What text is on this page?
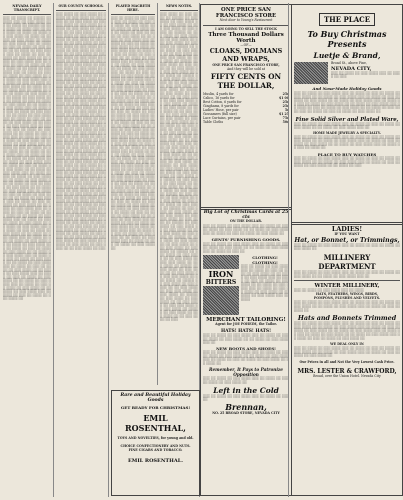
NEVADA DAILY TRANSCRIPT.
░░░ ░░ ░░░░ ░░ ░░░░░ ░░ ░░░░ ░░░ ░░ ░░░ ░░░░ ░░░ ░░ ░░░░ ░░ ░░░░░ ░░ ░░░ ░░░░ ░░ ░░░░ ░░░ ░░ ░░░ ░░░░ ░░ ░░░░ ░░ ░░░░ ░░ ░░░ ░░░░ ░░ ░░░░ ░░ ░░░░░ ░░ ░░░ ░░░░ ░░ ░░░░ ░░ ░░░ ░░░░ ░░░ ░░ ░░░░ ░░ ░░░ ░░ ░░░░ ░░ ░░░ ░░░░ ░░ ░░ ░░░░ ░░ ░░░ ░░░░ ░░░ ░░ ░░░░ ░░ ░░░ ░░ ░░░░ ░░ ░░░ ░░░░ ░░ ░░ ░░░░ ░░ ░░░ ░░░░ ░░░ ░░ ░░░░ ░░ ░░░ ░░ ░░░░ ░░ ░░░ ░░░░ ░░ ░░ ░░░░ ░░ ░░░ ░░░░ ░░░ ░░ ░░░░ ░░ ░░░ ░░ ░░░░ ░░ ░░░ ░░░░ ░░ ░░ ░░░░ ░░ ░░░ ░░░░ ░░░ ░░ ░░░░ ░░ ░░░ ░░ ░░░░ ░░ ░░░ ░░░░ ░░ ░░ ░░░░ ░░ ░░░ ░░░░ ░░░ ░░ ░░░░ ░░ ░░░ ░░ ░░░░ ░░ ░░░ ░░░░ ░░ ░░ ░░░░ ░░ ░░░ ░░░░ ░░░ ░░ ░░░░ ░░ ░░░ ░░ ░░░░ ░░ ░░░ ░░░░ ░░ ░░ ░░░░ ░░ ░░░ ░░░░ ░░░ ░░ ░░░░ ░░ ░░░ ░░ ░░░░ ░░ ░░░ ░░░░ ░░ ░░ ░░░░ ░░ ░░░ ░░░░ ░░░ ░░ ░░░░ ░░ ░░░ ░░ ░░░░ ░░ ░░░ ░░░░ ░░ ░░ ░░░░ ░░ ░░░ ░░░░ ░░░ ░░ ░░░░ ░░ ░░░ ░░ ░░░░ ░░ ░░░ ░░░░ ░░ ░░ ░░░░ ░░ ░░░ ░░░░ ░░░ ░░ ░░░░ ░░ ░░░ ░░ ░░░░ ░░ ░░░ ░░░░ ░░ ░░ ░░░░ ░░ ░░░ ░░░░ ░░░ ░░ ░░░░ ░░ ░░░ ░░ ░░░░ ░░ ░░░ ░░░░ ░░ ░░ ░░░░ ░░ ░░░ ░░░░ ░░░ ░░ ░░░░ ░░ ░░░ ░░ ░░░░ ░░ ░░░ ░░░░ ░░ ░░ ░░░░ ░░ ░░░ ░░░░ ░░░ ░░ ░░░░ ░░ ░░░ ░░ ░░░░ ░░ ░░░ ░░░░ ░░ ░░ ░░░░ ░░ ░░░ ░░░░ ░░░ ░░ ░░░░ ░░ ░░░ ░░ ░░░░ ░░ ░░░ ░░░░ ░░ ░░ ░░░░ ░░ ░░░ ░░░░ ░░░ ░░ ░░░░ ░░ ░░░ ░░ ░░░░ ░░ ░░░ ░░░░ ░░ ░░ ░░░░ ░░ ░░░ ░░░░ ░░░ ░░ ░░░░ ░░ ░░░ ░░ ░░░░ ░░ ░░░ ░░░░ ░░ ░░ ░░░░ ░░ ░░░ ░░░░ ░░░ ░░ ░░░░ ░░ ░░░ ░░ ░░░░ ░░ ░░░ ░░░░ ░░ ░░ ░░░░ ░░ ░░░ ░░░░ ░░░ ░░ ░░░░ ░░ ░░░ ░░ ░░░░ ░░ ░░░ ░░░░ ░░ ░░ ░░░░ ░░ ░░░ ░░░░ ░░░ ░░ ░░░░ ░░ ░░░ ░░ ░░░░ ░░ ░░░ ░░░░ ░░ ░░ ░░░░ ░░ ░░░ ░░░░ ░░░ ░░ ░░░░ ░░ ░░░ ░░ ░░░░ ░░ ░░░ ░░░░ ░░ ░░ ░░░░ ░░ ░░░ ░░░░ ░░░ ░░ ░░░░ ░░ ░░░ ░░ ░░░░ ░░ ░░░ ░░░░ ░░ ░░ ░░░░ ░░ ░░░ ░░░░ ░░░ ░░ ░░░░ ░░ ░░░ ░░ ░░░░ ░░ ░░░ ░░░░ ░░ ░░ ░░░░ ░░ ░░░ ░░░░ ░░░ ░░ ░░░░ ░░ ░░░ ░░ ░░░░ ░░ ░░░ ░░░░ ░░ ░░ ░░░░ ░░ ░░░ ░░░░ ░░░ ░░ ░░░░ ░░ ░░░ ░░ ░░░░ ░░ ░░░ ░░░░ ░░ ░░ ░░░░ ░░ ░░░ ░░░░ ░░░ ░░ ░░░░ ░░ ░░░ ░░ ░░░░ ░░ ░░░ ░░░░ ░░ ░░ ░░░░ ░░ ░░░ ░░░░ ░░░ ░░ ░░░░ ░░ ░░░ ░░ ░░░░ ░░ ░░░ ░░░░ ░░ ░░ ░░░░ ░░ ░░░ ░░░░ ░░░ ░░ ░░░░ ░░ ░░░ ░░ ░░░░ ░░ ░░░ ░░░░ ░░
OUR COUNTY SCHOOLS.
░░░ ░░░░ ░░ ░░░ ░░░░ ░░ ░░░░░ ░░ ░░░ ░░░░ ░░ ░░░ ░░░░ ░░ ░░ ░░░ ░░░░ ░░ ░░░ ░░░ ░░░░ ░░ ░░░ ░░░░ ░░ ░░░░░ ░░ ░░░ ░░░░ ░░ ░░░ ░░░░ ░░ ░░ ░░░ ░░░░ ░░ ░░░ ░░░ ░░░░ ░░ ░░░ ░░░░ ░░ ░░░░░ ░░ ░░░ ░░░░ ░░ ░░░ ░░░░ ░░ ░░ ░░░ ░░░░ ░░ ░░░ ░░░ ░░░░ ░░ ░░░ ░░░░ ░░ ░░░░░ ░░ ░░░ ░░░░ ░░ ░░░ ░░░░ ░░ ░░ ░░░ ░░░░ ░░ ░░░ ░░░ ░░░░ ░░ ░░░ ░░░░ ░░ ░░░░░ ░░ ░░░ ░░░░ ░░ ░░░ ░░░░ ░░ ░░ ░░░ ░░░░ ░░ ░░░ ░░░ ░░░░ ░░ ░░░ ░░░░ ░░ ░░░░░ ░░ ░░░ ░░░░ ░░ ░░░ ░░░░ ░░ ░░ ░░░ ░░░░ ░░ ░░░ ░░░ ░░░░ ░░ ░░░ ░░░░ ░░ ░░░░░ ░░ ░░░ ░░░░ ░░ ░░░ ░░░░ ░░ ░░ ░░░ ░░░░ ░░ ░░░ ░░░ ░░░░ ░░ ░░░ ░░░░ ░░ ░░░░░ ░░ ░░░ ░░░░ ░░ ░░░ ░░░░ ░░ ░░ ░░░ ░░░░ ░░ ░░░ ░░░ ░░░░ ░░ ░░░ ░░░░ ░░ ░░░░░ ░░ ░░░ ░░░░ ░░ ░░░ ░░░░ ░░ ░░ ░░░ ░░░░ ░░ ░░░ ░░░ ░░░░ ░░ ░░░ ░░░░ ░░ ░░░░░ ░░ ░░░ ░░░░ ░░ ░░░ ░░░░ ░░ ░░ ░░░ ░░░░ ░░ ░░░ ░░░ ░░░░ ░░ ░░░ ░░░░ ░░ ░░░░░ ░░ ░░░ ░░░░ ░░ ░░░ ░░░░ ░░ ░░ ░░░ ░░░░ ░░ ░░░ ░░░ ░░░░ ░░ ░░░ ░░░░ ░░ ░░░░░ ░░ ░░░ ░░░░ ░░ ░░░ ░░░░ ░░ ░░ ░░░ ░░░░ ░░ ░░░ ░░░ ░░░░ ░░ ░░░ ░░░░ ░░ ░░░░░ ░░ ░░░ ░░░░ ░░ ░░░ ░░░░ ░░ ░░ ░░░ ░░░░ ░░ ░░░ ░░░ ░░░░ ░░ ░░░ ░░░░ ░░ ░░░░░ ░░ ░░░ ░░░░ ░░ ░░░ ░░░░ ░░ ░░ ░░░ ░░░░ ░░ ░░░ ░░░ ░░░░ ░░ ░░░ ░░░░ ░░ ░░░░░ ░░ ░░░ ░░░░ ░░ ░░░ ░░░░ ░░ ░░ ░░░ ░░░░ ░░ ░░░ ░░░ ░░░░ ░░ ░░░ ░░░░ ░░ ░░░░░ ░░ ░░░ ░░░░ ░░ ░░░ ░░░░ ░░ ░░ ░░░ ░░░░ ░░ ░░░ ░░░ ░░░░ ░░ ░░░ ░░░░ ░░ ░░░░░ ░░ ░░░ ░░░░ ░░ ░░░ ░░░░ ░░ ░░ ░░░ ░░░░ ░░ ░░░ ░░░ ░░░░ ░░ ░░░ ░░░░ ░░ ░░░░░ ░░ ░░░ ░░░░ ░░ ░░░ ░░░░ ░░ ░░ ░░░ ░░░░ ░░ ░░░ ░░░ ░░░░ ░░ ░░░ ░░░░ ░░ ░░░░░ ░░ ░░░ ░░░░ ░░ ░░░ ░░░░ ░░ ░░ ░░░ ░░░░ ░░ ░░░ ░░░ ░░░░ ░░ ░░░ ░░░░ ░░ ░░░░░ ░░ ░░░ ░░░░ ░░ ░░░ ░░░░ ░░ ░░ ░░░ ░░░░ ░░ ░░░ ░░░ ░░░░ ░░ ░░░ ░░░░ ░░ ░░░░░ ░░ ░░░ ░░░░ ░░ ░░░ ░░░░ ░░ ░░ ░░░ ░░░░ ░░ ░░░ ░░░ ░░░░ ░░ ░░░ ░░░░ ░░ ░░░░░ ░░ ░░░ ░░░░ ░░ ░░░ ░░░░ ░░ ░░ ░░░ ░░░░ ░░ ░░░
PLAYED MACBETH HERE.
░░░ ░░ ░░░░ ░░ ░░░ ░░░░ ░░░ ░░ ░░░░ ░░ ░░░ ░░ ░░░░ ░░ ░░░ ░░░░ ░░ ░░ ░░░░ ░░ ░░░ ░░░░ ░░░ ░░ ░░░░ ░░ ░░░ ░░ ░░░░ ░░ ░░░ ░░░░ ░░ ░░ ░░░░ ░░ ░░░ ░░░░ ░░░ ░░ ░░░░ ░░ ░░░ ░░ ░░░░ ░░ ░░░ ░░░░ ░░ ░░ ░░░░ ░░ ░░░ ░░░░ ░░░ ░░ ░░░░ ░░ ░░░ ░░ ░░░░ ░░ ░░░ ░░░░ ░░ ░░ ░░░░ ░░ ░░░ ░░░░ ░░░ ░░ ░░░░ ░░ ░░░ ░░ ░░░░ ░░ ░░░ ░░░░ ░░ ░░ ░░░░ ░░ ░░░ ░░░░ ░░░ ░░ ░░░░ ░░ ░░░ ░░ ░░░░ ░░ ░░░ ░░░░ ░░ ░░ ░░░░ ░░ ░░░ ░░░░ ░░░ ░░ ░░░░ ░░ ░░░ ░░ ░░░░ ░░ ░░░ ░░░░ ░░ ░░ ░░░░ ░░ ░░░ ░░░░ ░░░ ░░ ░░░░ ░░ ░░░ ░░ ░░░░ ░░ ░░░ ░░░░ ░░ ░░ ░░░░ ░░ ░░░ ░░░░ ░░░ ░░ ░░░░ ░░ ░░░ ░░ ░░░░ ░░ ░░░ ░░░░ ░░ ░░ ░░░░ ░░ ░░░ ░░░░ ░░░ ░░ ░░░░ ░░ ░░░ ░░ ░░░░ ░░ ░░░ ░░░░ ░░ ░░ ░░░░ ░░ ░░░ ░░░░ ░░░ ░░ ░░░░ ░░ ░░░ ░░ ░░░░ ░░ ░░░ ░░░░ ░░ ░░ ░░░░ ░░ ░░░ ░░░░ ░░░ ░░ ░░░░ ░░ ░░░ ░░ ░░░░ ░░ ░░░ ░░░░ ░░ ░░ ░░░░ ░░ ░░░ ░░░░ ░░░ ░░ ░░░░ ░░ ░░░ ░░ ░░░░ ░░ ░░░ ░░░░ ░░ ░░ ░░░░ ░░ ░░░ ░░░░ ░░░ ░░ ░░░░ ░░ ░░░ ░░ ░░░░ ░░ ░░░ ░░░░ ░░ ░░ ░░░░ ░░ ░░░ ░░░░ ░░░ ░░ ░░░░ ░░ ░░░ ░░ ░░░░ ░░ ░░░ ░░░░ ░░ ░░ ░░░░ ░░ ░░░ ░░░░ ░░░ ░░ ░░░░ ░░ ░░░ ░░ ░░░░ ░░ ░░░ ░░░░ ░░ ░░ ░░░░ ░░ ░░░ ░░░░ ░░░ ░░ ░░░░ ░░ ░░░ ░░ ░░░░ ░░ ░░░ ░░░░ ░░ ░░ ░░░░ ░░ ░░░ ░░░░ ░░░ ░░ ░░░░ ░░ ░░░ ░░ ░░░░ ░░ ░░░ ░░░░ ░░ ░░ ░░░░ ░░ ░░░ ░░░░ ░░░ ░░ ░░░░ ░░ ░░░ ░░ ░░░░ ░░ ░░░ ░░░░ ░░ ░░ ░░░░ ░░ ░░░ ░░░░ ░░░ ░░ ░░░░ ░░ ░░░ ░░ ░░░░ ░░ ░░░ ░░░░ ░░ ░░ ░░░░ ░░ ░░░ ░░░░ ░░░ ░░ ░░░░ ░░ ░░░ ░░ ░░░░ ░░ ░░░ ░░░░ ░░ ░░ ░░░░ ░░ ░░░ ░░░░ ░░░ ░░ ░░░░ ░░ ░░░ ░░ ░░░░ ░░ ░░░ ░░░░ ░░ ░░ ░░░░ ░░ ░░░ ░░░░ ░░░ ░░ ░░░░ ░░ ░░░ ░░ ░░░░ ░░ ░░░ ░░░░ ░░
NEWS NOTES.
░░░ ░░░░ ░░ ░░░ ░░░░ ░░ ░░░░░ ░░ ░░░ ░░░░ ░░ ░░░ ░░░░ ░░ ░░ ░░░ ░░░░ ░░ ░░░ ░░░ ░░░░ ░░ ░░░ ░░░░ ░░ ░░░░░ ░░ ░░░ ░░░░ ░░ ░░░ ░░░░ ░░ ░░ ░░░ ░░░░ ░░ ░░░ ░░░ ░░░░ ░░ ░░░ ░░░░ ░░ ░░░░░ ░░ ░░░ ░░░░ ░░ ░░░ ░░░░ ░░ ░░ ░░░ ░░░░ ░░ ░░░ ░░░ ░░░░ ░░ ░░░ ░░░░ ░░ ░░░░░ ░░ ░░░ ░░░░ ░░ ░░░ ░░░░ ░░ ░░ ░░░ ░░░░ ░░ ░░░ ░░░ ░░░░ ░░ ░░░ ░░░░ ░░ ░░░░░ ░░ ░░░ ░░░░ ░░ ░░░ ░░░░ ░░ ░░ ░░░ ░░░░ ░░ ░░░ ░░░ ░░░░ ░░ ░░░ ░░░░ ░░ ░░░░░ ░░ ░░░ ░░░░ ░░ ░░░ ░░░░ ░░ ░░ ░░░ ░░░░ ░░ ░░░ ░░░ ░░░░ ░░ ░░░ ░░░░ ░░ ░░░░░ ░░ ░░░ ░░░░ ░░ ░░░ ░░░░ ░░ ░░ ░░░ ░░░░ ░░ ░░░ ░░░ ░░░░ ░░ ░░░ ░░░░ ░░ ░░░░░ ░░ ░░░ ░░░░ ░░ ░░░ ░░░░ ░░ ░░ ░░░ ░░░░ ░░ ░░░ ░░░ ░░░░ ░░ ░░░ ░░░░ ░░ ░░░░░ ░░ ░░░ ░░░░ ░░ ░░░ ░░░░ ░░ ░░ ░░░ ░░░░ ░░ ░░░ ░░░ ░░░░ ░░ ░░░ ░░░░ ░░ ░░░░░ ░░ ░░░ ░░░░ ░░ ░░░ ░░░░ ░░ ░░ ░░░ ░░░░ ░░ ░░░ ░░░ ░░░░ ░░ ░░░ ░░░░ ░░ ░░░░░ ░░ ░░░ ░░░░ ░░ ░░░ ░░░░ ░░ ░░ ░░░ ░░░░ ░░ ░░░ ░░░ ░░░░ ░░ ░░░ ░░░░ ░░ ░░░░░ ░░ ░░░ ░░░░ ░░ ░░░ ░░░░ ░░ ░░ ░░░ ░░░░ ░░ ░░░ ░░░ ░░░░ ░░ ░░░ ░░░░ ░░ ░░░░░ ░░ ░░░ ░░░░ ░░ ░░░ ░░░░ ░░ ░░ ░░░ ░░░░ ░░ ░░░ ░░░ ░░░░ ░░ ░░░ ░░░░ ░░ ░░░░░ ░░ ░░░ ░░░░ ░░ ░░░ ░░░░ ░░ ░░ ░░░ ░░░░ ░░ ░░░ ░░░ ░░░░ ░░ ░░░ ░░░░ ░░ ░░░░░ ░░ ░░░ ░░░░ ░░ ░░░ ░░░░ ░░ ░░ ░░░ ░░░░ ░░ ░░░ ░░░ ░░░░ ░░ ░░░ ░░░░ ░░ ░░░░░ ░░ ░░░ ░░░░ ░░ ░░░ ░░░░ ░░ ░░ ░░░ ░░░░ ░░ ░░░ ░░░ ░░░░ ░░ ░░░ ░░░░ ░░ ░░░░░ ░░ ░░░ ░░░░ ░░ ░░░ ░░░░ ░░ ░░ ░░░ ░░░░ ░░ ░░░ ░░░ ░░░░ ░░ ░░░ ░░░░ ░░ ░░░░░ ░░ ░░░ ░░░░ ░░ ░░░ ░░░░ ░░ ░░ ░░░ ░░░░ ░░ ░░░ ░░░ ░░░░ ░░ ░░░ ░░░░ ░░ ░░░░░ ░░ ░░░ ░░░░ ░░ ░░░ ░░░░ ░░ ░░ ░░░ ░░░░ ░░ ░░░ ░░░ ░░░░ ░░ ░░░ ░░░░ ░░ ░░░░░ ░░ ░░░ ░░░░ ░░ ░░░ ░░░░ ░░ ░░ ░░░ ░░░░ ░░ ░░░ ░░░ ░░░░ ░░ ░░░ ░░░░ ░░ ░░░░░ ░░ ░░░ ░░░░ ░░ ░░░ ░░░░ ░░ ░░ ░░░ ░░░░ ░░ ░░░
Rare and Beautiful Holiday Goods
GET READY FOR CHRISTMAS!
EMIL ROSENTHAL,
TOYS AND NOVELTIES, for young and old.
CHOICE CONFECTIONERY AND NUTS.
FINE CIGARS AND TOBACCO.
EMIL ROSENTHAL.
ONE PRICE SAN FRANCISCO STORE
Next door to Young's Restaurant
I AM GOING TO SELL THE STOCK
Three Thousand Dollars Worth
—OF—
CLOAKS, DOLMANS AND WRAPS,
ONE PRICE SAN FRANCISCO STORE,
And they will be sold at
FIFTY CENTS ON THE DOLLAR,
Muslin, 4 yards for	25c
Calico, 16 yards for	$1 00
Best Cotton, 6 yards for	25c
Ginghams, 8 yards for	25c
Ladies' Hose, per pair	5c
Gossamers (full size)	$1 25
Lace Curtains, per pair	75c
Table Cloths	50c
Big Lot of Christmas Cards at 25 cts
ON THE DOLLAR.
░░░ ░░ ░░░░ ░░ ░░░ ░░░░ ░░░ ░░ ░░░░ ░░ ░░░ ░░ ░░░░ ░░ ░░░ ░░░░ ░░ ░░ ░░░░ ░░ ░░░ ░░░░ ░░░ ░░ ░░░░ ░░ ░░░ ░░ ░░░░ ░░ ░░░ ░░░░ ░░
GENTS' FURNISHING GOODS.
░░░ ░░ ░░░░ ░░ ░░░ ░░░░ ░░░ ░░ ░░░░ ░░ ░░░ ░░ ░░░░ ░░ ░░░ ░░░░ ░░ ░░ ░░░░ ░░ ░░░ ░░░░ ░░░ ░░ ░░░░ ░░ ░░░ ░░
IRON
BITTERS
CLOTHING! CLOTHING!
░░░ ░░ ░░░░ ░░ ░░░ ░░░░ ░░░ ░░ ░░░░ ░░ ░░░ ░░ ░░░░ ░░ ░░░ ░░░░ ░░ ░░ ░░░░ ░░ ░░░ ░░░░ ░░░ ░░ ░░░░ ░░ ░░░ ░░ ░░░░ ░░ ░░░ ░░░░ ░░ ░░ ░░░░ ░░ ░░░ ░░░░ ░░░ ░░ ░░░░ ░░ ░░░ ░░ ░░░░ ░░ ░░░ ░░░░ ░░ ░░ ░░░░ ░░ ░░░ ░░░░ ░░░ ░░ ░░░░
MERCHANT TAILORING!
Agent for JOE POHEIM, the Tailor.
HATS! HATS! HATS!
░░░ ░░ ░░░░ ░░ ░░░ ░░░░ ░░░ ░░ ░░░░ ░░ ░░░ ░░ ░░░░ ░░ ░░░ ░░░░ ░░ ░░ ░░░░ ░░ ░░░ ░░░░ ░░░ ░░
NEW BOOTS AND SHOES!
░░░ ░░ ░░░░ ░░ ░░░ ░░░░ ░░░ ░░ ░░░░ ░░ ░░░ ░░ ░░░░ ░░ ░░░ ░░░░ ░░ ░░ ░░░░ ░░ ░░░ ░░░░ ░░░ ░░ ░░░░ ░░ ░░░ ░░ ░░░░ ░░ ░░░ ░░░░ ░░ ░░ ░░░░ ░░
Remember, It Pays to Patronize Opposition
░░░ ░░ ░░░░ ░░ ░░░ ░░░░ ░░░ ░░ ░░░░ ░░ ░░░ ░░ ░░░░ ░░ ░░░ ░░░░ ░░
Left in the Cold
░░░ ░░ ░░░░ ░░ ░░░ ░░░░ ░░░ ░░ ░░░░ ░░ ░░░ ░░
Brennan,
NO. 25 BROAD STORE, NEVADA CITY
THE PLACE
To Buy Christmas Presents
Luetje & Brand,
Broad St., above Pine,
NEVADA CITY,
░░░ ░░ ░░░░ ░░ ░░░ ░░░░ ░░░ ░░ ░░░░ ░░ ░░░
And Nose-Made Holiday Goods
░░░ ░░ ░░░░ ░░ ░░░ ░░░░ ░░░ ░░ ░░░░ ░░ ░░░ ░░ ░░░░ ░░ ░░░ ░░░░ ░░ ░░ ░░░░ ░░ ░░░ ░░░░ ░░░ ░░ ░░░░ ░░ ░░░ ░░ ░░░░ ░░ ░░░ ░░░░ ░░ ░░ ░░░░ ░░ ░░░ ░░░░ ░░░ ░░ ░░░░ ░░ ░░░ ░░ ░░░░ ░░ ░░░ ░░░░ ░░ ░░ ░░░░ ░░ ░░░ ░░░░ ░░░ ░░ ░░░░ ░░ ░░░ ░░ ░░░░ ░░ ░░░ ░░░░ ░░ ░░ ░░░░ ░░ ░░░ ░░░░ ░░░ ░░ ░░░░ ░░ ░░░ ░░ ░░░░ ░░ ░░░ ░░░░ ░░
Fine Solid Silver and Plated Ware,
░░░ ░░ ░░░░ ░░ ░░░ ░░░░ ░░░ ░░ ░░░░ ░░ ░░░ ░░ ░░░░ ░░ ░░░ ░░░░ ░░ ░░ ░░░░ ░░ ░░░ ░░░░ ░░░ ░░
HOME MADE JEWELRY A SPECIALTY.
░░░ ░░ ░░░░ ░░ ░░░ ░░░░ ░░░ ░░ ░░░░ ░░ ░░░ ░░ ░░░░ ░░ ░░░ ░░░░ ░░ ░░ ░░░░ ░░ ░░░ ░░░░ ░░░ ░░ ░░░░ ░░ ░░░ ░░ ░░░░ ░░ ░░░ ░░░░ ░░ ░░ ░░░░ ░░ ░░░ ░░░░ ░░░ ░░ ░░░░ ░░ ░░░ ░░ ░░░░ ░░
PLACE TO BUY WATCHES
░░░ ░░ ░░░░ ░░ ░░░ ░░░░ ░░░ ░░ ░░░░ ░░ ░░░ ░░ ░░░░ ░░ ░░░ ░░░░ ░░ ░░ ░░░░ ░░ ░░░ ░░░░ ░░░ ░░ ░░░░ ░░ ░░░ ░░ ░░░░ ░░ ░░░ ░░░░ ░░ ░░ ░░░░ ░░ ░░░
LADIES!
IF YOU WANT
Hat, or Bonnet, or Trimmings,
░░░ ░░ ░░░░ ░░ ░░░ ░░░░ ░░░ ░░ ░░░░ ░░ ░░░ ░░ ░░░░ ░░ ░░░ ░░░░ ░░
MILLINERY DEPARTMENT
░░░ ░░ ░░░░ ░░ ░░░ ░░░░ ░░░ ░░ ░░░░ ░░ ░░░ ░░ ░░░░ ░░ ░░░ ░░░░ ░░ ░░ ░░░░ ░░ ░░░ ░░░░ ░░░ ░░
WINTER MILLINERY,
░░░ ░░ ░░░░ ░░ ░░░ ░░░░ ░░░ ░░ ░░░░
HATS, FEATHERS, WINGS, BIRDS,
POMPONS, PLUSHES AND VELVETS.
░░░ ░░ ░░░░ ░░ ░░░ ░░░░ ░░░ ░░ ░░░░ ░░ ░░░ ░░ ░░░░ ░░ ░░░ ░░░░ ░░ ░░ ░░░░ ░░ ░░░ ░░░░ ░░░ ░░ ░░░░ ░░ ░░░ ░░ ░░░░ ░░
Hats and Bonnets Trimmed
░░░ ░░ ░░░░ ░░ ░░░ ░░░░ ░░░ ░░ ░░░░ ░░ ░░░ ░░ ░░░░ ░░ ░░░ ░░░░ ░░ ░░ ░░░░ ░░ ░░░ ░░░░ ░░░ ░░ ░░░░ ░░ ░░░ ░░ ░░░░ ░░ ░░░ ░░░░ ░░ ░░ ░░░░ ░░ ░░░ ░░░░ ░░░ ░░ ░░░░ ░░ ░░░ ░░ ░░░░ ░░ ░░░ ░░░░ ░░ ░░ ░░░░ ░░ ░░░ ░░░░ ░░░ ░░ ░░░░ ░░ ░░░ ░░ ░░░░ ░░ ░░░ ░░░░ ░░
WE DEAL ONLY IN
░░░ ░░ ░░░░ ░░ ░░░ ░░░░ ░░░ ░░ ░░░░ ░░ ░░░ ░░ ░░░░ ░░ ░░░ ░░░░ ░░ ░░ ░░░░ ░░ ░░░ ░░░░ ░░░ ░░ ░░░░ ░░ ░░░ ░░ ░░░░ ░░ ░░░ ░░░░ ░░
Our Prices in all and Not the Very Lowest Cash Price.
MRS. LESTER & CRAWFORD,
Broad, over the Union Hotel. Nevada City
